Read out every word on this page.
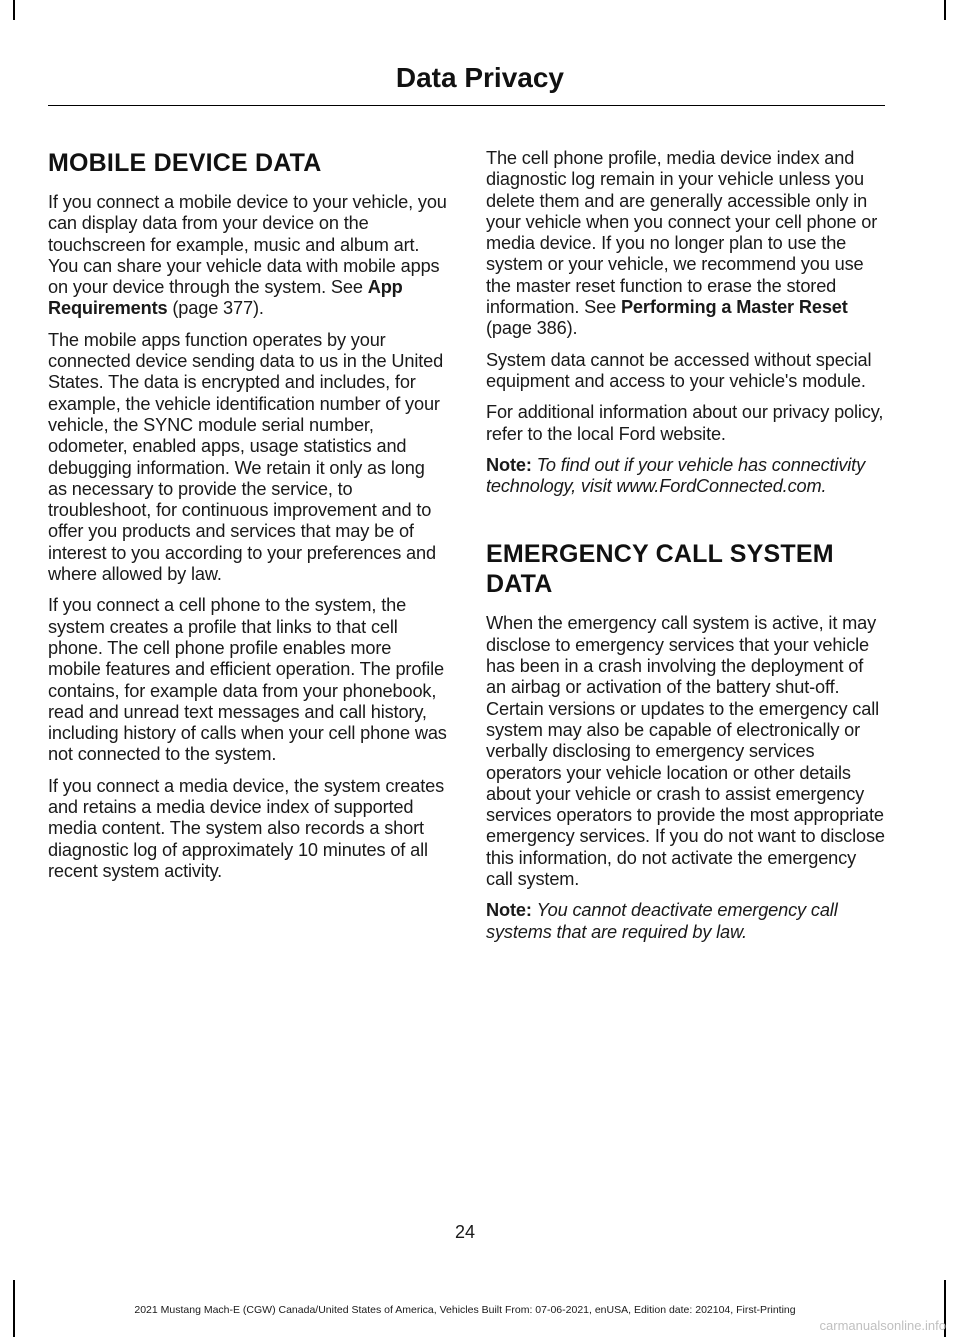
Data Privacy
MOBILE DEVICE DATA

If you connect a mobile device to your vehicle, you can display data from your device on the touchscreen for example, music and album art. You can share your vehicle data with mobile apps on your device through the system. See App Requirements (page 377).

The mobile apps function operates by your connected device sending data to us in the United States. The data is encrypted and includes, for example, the vehicle identification number of your vehicle, the SYNC module serial number, odometer, enabled apps, usage statistics and debugging information. We retain it only as long as necessary to provide the service, to troubleshoot, for continuous improvement and to offer you products and services that may be of interest to you according to your preferences and where allowed by law.

If you connect a cell phone to the system, the system creates a profile that links to that cell phone. The cell phone profile enables more mobile features and efficient operation. The profile contains, for example data from your phonebook, read and unread text messages and call history, including history of calls when your cell phone was not connected to the system.

If you connect a media device, the system creates and retains a media device index of supported media content. The system also records a short diagnostic log of approximately 10 minutes of all recent system activity.

The cell phone profile, media device index and diagnostic log remain in your vehicle unless you delete them and are generally accessible only in your vehicle when you connect your cell phone or media device. If you no longer plan to use the system or your vehicle, we recommend you use the master reset function to erase the stored information. See Performing a Master Reset (page 386).

System data cannot be accessed without special equipment and access to your vehicle's module.

For additional information about our privacy policy, refer to the local Ford website.

Note: To find out if your vehicle has connectivity technology, visit www.FordConnected.com.

EMERGENCY CALL SYSTEM DATA

When the emergency call system is active, it may disclose to emergency services that your vehicle has been in a crash involving the deployment of an airbag or activation of the battery shut-off. Certain versions or updates to the emergency call system may also be capable of electronically or verbally disclosing to emergency services operators your vehicle location or other details about your vehicle or crash to assist emergency services operators to provide the most appropriate emergency services. If you do not want to disclose this information, do not activate the emergency call system.

Note: You cannot deactivate emergency call systems that are required by law.

24

2021 Mustang Mach-E (CGW) Canada/United States of America, Vehicles Built From: 07-06-2021, enUSA, Edition date: 202104, First-Printing

carmanualsonline.info
